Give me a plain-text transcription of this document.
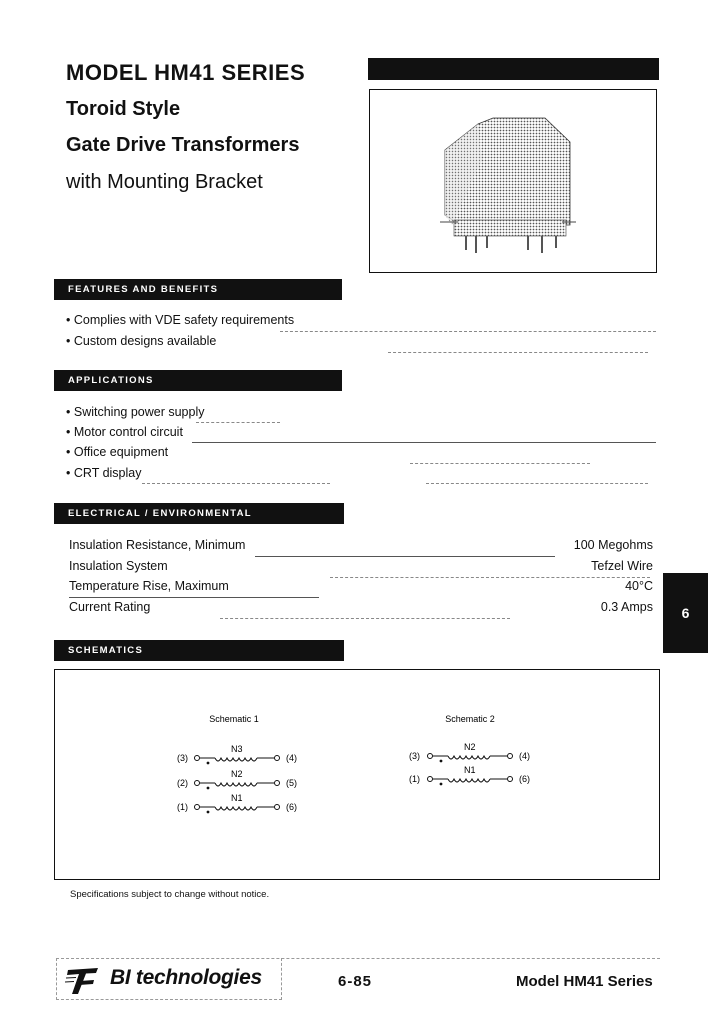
MODEL HM41 SERIES
Toroid Style
Gate Drive Transformers
with Mounting Bracket
FEATURES AND BENEFITS
• Complies with VDE safety requirements
• Custom designs available
APPLICATIONS
• Switching power supply
• Motor control circuit
• Office equipment
• CRT display
ELECTRICAL / ENVIRONMENTAL
Insulation Resistance, Minimum	100 Megohms
Insulation System	Tefzel Wire
Temperature Rise, Maximum	40°C
Current Rating	0.3 Amps	6
SCHEMATICS
Schematic 1
(3)
N3
(4)
(2)
N2
(5)
(1)
N1
(6)
Schematic 2
(3)
N2
(4)
(1)
N1
(6)
Specifications subject to change without notice.
BI technologies	6-85	Model HM41 Series
